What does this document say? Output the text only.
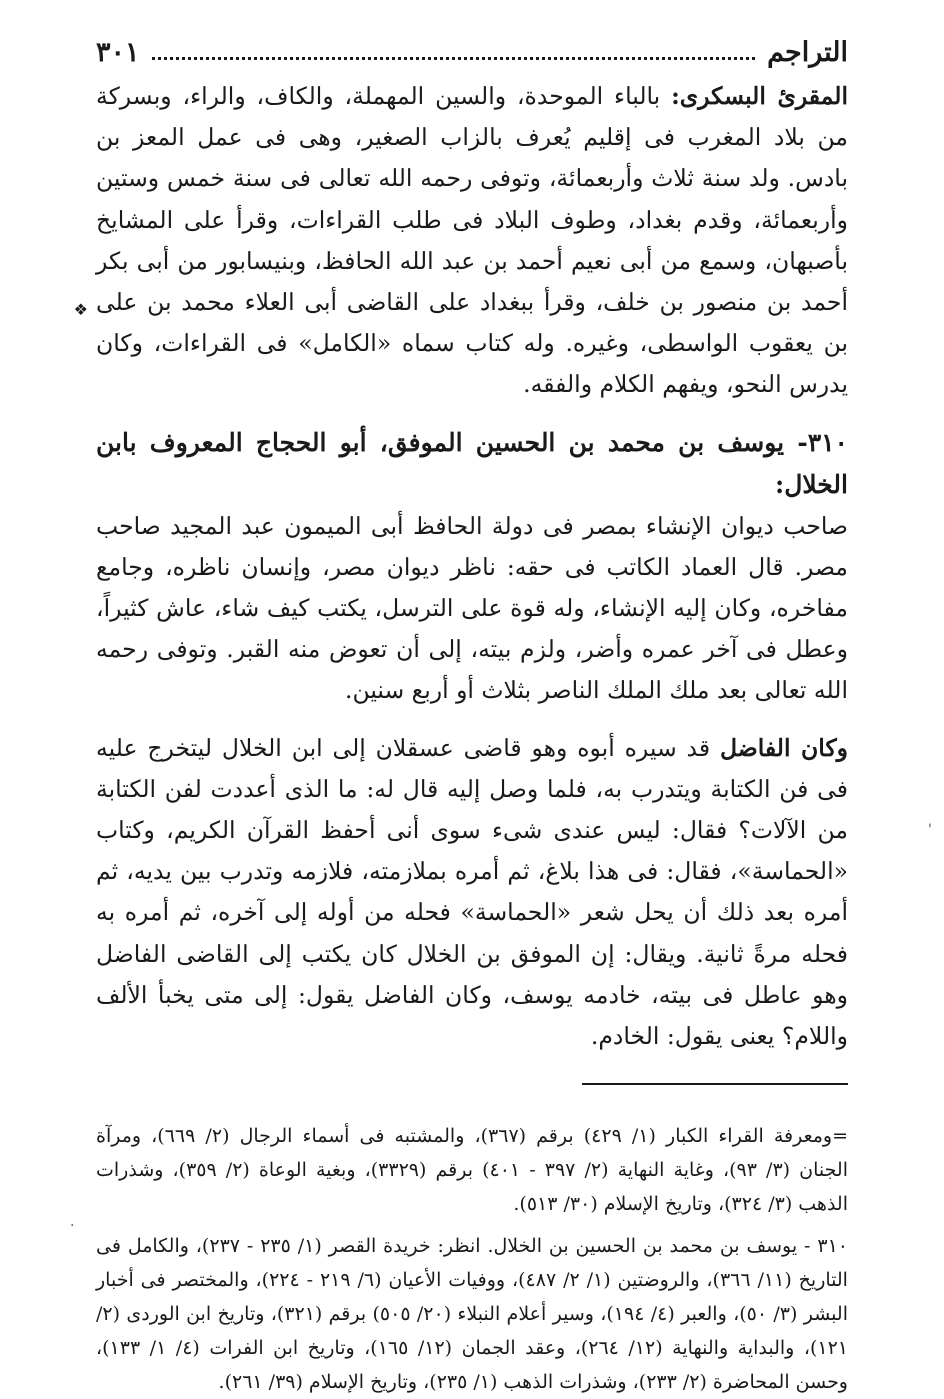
التراجم
٣٠١

المقرئ البسكرى: بالباء الموحدة، والسين المهملة، والكاف، والراء، وبسركة من بلاد المغرب فى إقليم يُعرف بالزاب الصغير، وهى فى عمل المعز بن بادس. ولد سنة ثلاث وأربعمائة، وتوفى رحمه الله تعالى فى سنة خمس وستين وأربعمائة، وقدم بغداد، وطوف البلاد فى طلب القراءات، وقرأ على المشايخ بأصبهان، وسمع من أبى نعيم أحمد بن عبد الله الحافظ، وبنيسابور من أبى بكر أحمد بن منصور بن خلف، وقرأ ببغداد على القاضى أبى العلاء محمد بن على بن يعقوب الواسطى، وغيره. وله كتاب سماه «الكامل» فى القراءات، وكان يدرس النحو، ويفهم الكلام والفقه.

٣١٠- يوسف بن محمد بن الحسين الموفق، أبو الحجاج المعروف بابن الخلال:

صاحب ديوان الإنشاء بمصر فى دولة الحافظ أبى الميمون عبد المجيد صاحب مصر. قال العماد الكاتب فى حقه: ناظر ديوان مصر، وإنسان ناظره، وجامع مفاخره، وكان إليه الإنشاء، وله قوة على الترسل، يكتب كيف شاء، عاش كثيراً، وعطل فى آخر عمره وأضر، ولزم بيته، إلى أن تعوض منه القبر. وتوفى رحمه الله تعالى بعد ملك الملك الناصر بثلاث أو أربع سنين.

وكان الفاضل قد سيره أبوه وهو قاضى عسقلان إلى ابن الخلال ليتخرج عليه فى فن الكتابة ويتدرب به، فلما وصل إليه قال له: ما الذى أعددت لفن الكتابة من الآلات؟ فقال: ليس عندى شىء سوى أنى أحفظ القرآن الكريم، وكتاب «الحماسة»، فقال: فى هذا بلاغ، ثم أمره بملازمته، فلازمه وتدرب بين يديه، ثم أمره بعد ذلك أن يحل شعر «الحماسة» فحله من أوله إلى آخره، ثم أمره به فحله مرةً ثانية. ويقال: إن الموفق بن الخلال كان يكتب إلى القاضى الفاضل وهو عاطل فى بيته، خادمه يوسف، وكان الفاضل يقول: إلى متى يخبأ الألف واللام؟ يعنى يقول: الخادم.

=ومعرفة القراء الكبار (١/ ٤٢٩) برقم (٣٦٧)، والمشتبه فى أسماء الرجال (٢/ ٦٦٩)، ومرآة الجنان (٣/ ٩٣)، وغاية النهاية (٢/ ٣٩٧ - ٤٠١) برقم (٣٣٢٩)، وبغية الوعاة (٢/ ٣٥٩)، وشذرات الذهب (٣/ ٣٢٤)، وتاريخ الإسلام (٣٠/ ٥١٣).

٣١٠ - يوسف بن محمد بن الحسين بن الخلال. انظر: خريدة القصر (١/ ٢٣٥ - ٢٣٧)، والكامل فى التاريخ (١١/ ٣٦٦)، والروضتين (١/ ٢/ ٤٨٧)، ووفيات الأعيان (٦/ ٢١٩ - ٢٢٤)، والمختصر فى أخبار البشر (٣/ ٥٠)، والعبر (٤/ ١٩٤)، وسير أعلام النبلاء (٢٠/ ٥٠٥) برقم (٣٢١)، وتاريخ ابن الوردى (٢/ ١٢١)، والبداية والنهاية (١٢/ ٢٦٤)، وعقد الجمان (١٢/ ١٦٥)، وتاريخ ابن الفرات (٤/ ١/ ١٣٣)، وحسن المحاضرة (٢/ ٢٣٣)، وشذرات الذهب (١/ ٢٣٥)، وتاريخ الإسلام (٣٩/ ٢٦١).

❖
'
·
